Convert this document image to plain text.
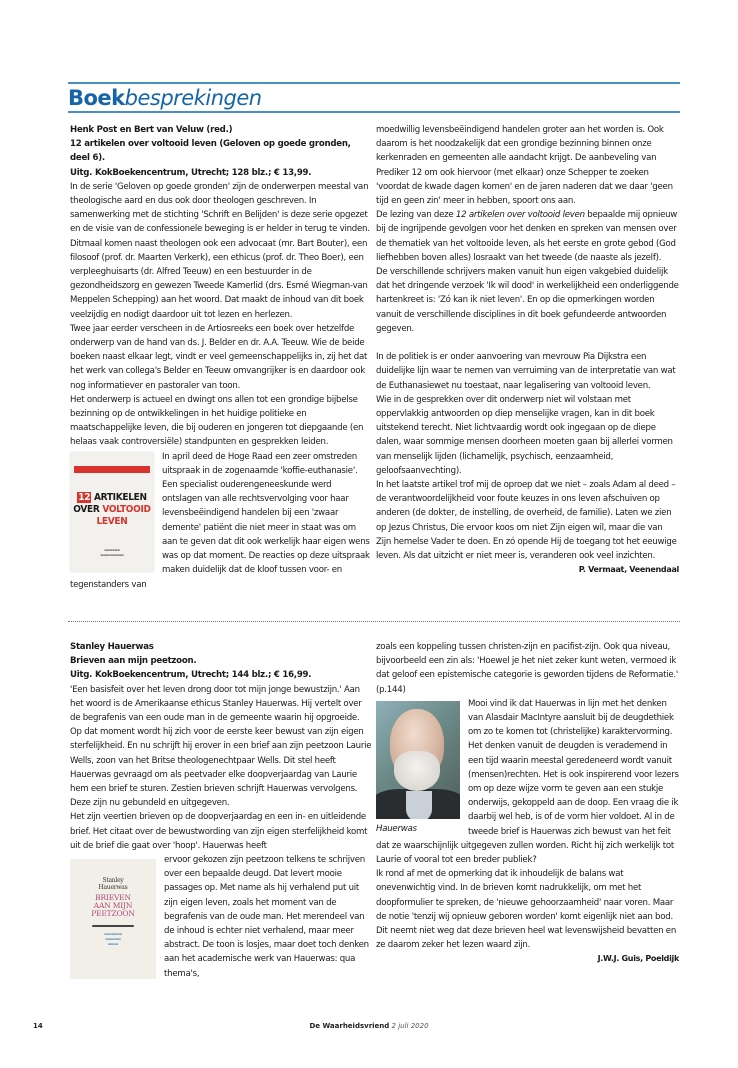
Boekbesprekingen

Henk Post en Bert van Veluw (red.)

12 artikelen over voltooid leven (Geloven op goede gronden, deel 6).

Uitg. KokBoekencentrum, Utrecht; 128 blz.; € 13,99.

In de serie 'Geloven op goede gronden' zijn de onderwerpen meestal van theologische aard en dus ook door theologen geschreven. In samenwerking met de stichting 'Schrift en Belijden' is deze serie opgezet en de visie van de confessionele beweging is er helder in terug te vinden.

Ditmaal komen naast theologen ook een advocaat (mr. Bart Bouter), een filosoof (prof. dr. Maarten Verkerk), een ethicus (prof. dr. Theo Boer), een verpleeghuisarts (dr. Alfred Teeuw) en een bestuurder in de gezondheidszorg en gewezen Tweede Kamerlid (drs. Esmé Wiegman-van Meppelen Schepping) aan het woord. Dat maakt de inhoud van dit boek veelzijdig en nodigt daardoor uit tot lezen en herlezen.

Twee jaar eerder verscheen in de Artiosreeks een boek over hetzelfde onderwerp van de hand van ds. J. Belder en dr. A.A. Teeuw. Wie de beide boeken naast elkaar legt, vindt er veel gemeenschappelijks in, zij het dat het werk van collega's Belder en Teeuw omvangrijker is en daardoor ook nog informatiever en pastoraler van toon.

Het onderwerp is actueel en dwingt ons allen tot een grondige bijbelse bezinning op de ontwikkelingen in het huidige politieke en maatschappelijke leven, die bij ouderen en jongeren tot diepgaande (en helaas vaak controversiële) standpunten en gesprekken leiden.

12 ARTIKELEN
OVER VOLTOOID
LEVEN
▬▬▬▬▬▬
▬▬▬▬▬▬▬▬▬

In april deed de Hoge Raad een zeer omstreden uitspraak in de zogenaamde 'koffie-euthanasie'. Een specialist ouderengeneeskunde werd ontslagen van alle rechtsvervolging voor haar levensbeëindigend handelen bij een 'zwaar demente' patiënt die niet meer in staat was om aan te geven dat dit ook werkelijk haar eigen wens was op dat moment. De reacties op deze uitspraak maken duidelijk dat de kloof tussen voor- en tegenstanders van

moedwillig levensbeëindigend handelen groter aan het worden is. Ook daarom is het noodzakelijk dat een grondige bezinning binnen onze kerkenraden en gemeenten alle aandacht krijgt. De aanbeveling van Prediker 12 om ook hiervoor (met elkaar) onze Schepper te zoeken 'voordat de kwade dagen komen' en de jaren naderen dat we daar 'geen tijd en geen zin' meer in hebben, spoort ons aan.

De lezing van deze 12 artikelen over voltooid leven bepaalde mij opnieuw bij de ingrijpende gevolgen voor het denken en spreken van mensen over de thematiek van het voltooide leven, als het eerste en grote gebod (God liefhebben boven alles) losraakt van het tweede (de naaste als jezelf).

De verschillende schrijvers maken vanuit hun eigen vakgebied duidelijk dat het dringende verzoek 'Ik wil dood' in werkelijkheid een onderliggende hartenkreet is: 'Zó kan ik niet leven'. En op die opmerkingen worden vanuit de verschillende disciplines in dit boek gefundeerde antwoorden gegeven.

In de politiek is er onder aanvoering van mevrouw Pia Dijkstra een duidelijke lijn waar te nemen van verruiming van de interpretatie van wat de Euthanasiewet nu toestaat, naar legalisering van voltooid leven.

Wie in de gesprekken over dit onderwerp niet wil volstaan met oppervlakkig antwoorden op diep menselijke vragen, kan in dit boek uitstekend terecht. Niet lichtvaardig wordt ook ingegaan op de diepe dalen, waar sommige mensen doorheen moeten gaan bij allerlei vormen van menselijk lijden (lichamelijk, psychisch, eenzaamheid, geloofsaanvechting).

In het laatste artikel trof mij de oproep dat we niet – zoals Adam al deed – de verantwoordelijkheid voor foute keuzes in ons leven afschuiven op anderen (de dokter, de instelling, de overheid, de familie). Laten we zien op Jezus Christus, Die ervoor koos om niet Zijn eigen wil, maar die van Zijn hemelse Vader te doen. En zó opende Hij de toegang tot het eeuwige leven. Als dat uitzicht er niet meer is, veranderen ook veel inzichten.

P. Vermaat, Veenendaal

Stanley Hauerwas

Brieven aan mijn peetzoon.

Uitg. KokBoekencentrum, Utrecht; 144 blz.; € 16,99.

'Een basisfeit over het leven drong door tot mijn jonge bewustzijn.' Aan het woord is de Amerikaanse ethicus Stanley Hauerwas. Hij vertelt over de begrafenis van een oude man in de gemeente waarin hij opgroeide. Op dat moment wordt hij zich voor de eerste keer bewust van zijn eigen sterfelijkheid. En nu schrijft hij erover in een brief aan zijn peetzoon Laurie Wells, zoon van het Britse theologenechtpaar Wells. Dit stel heeft Hauerwas gevraagd om als peetvader elke doopverjaardag van Laurie hem een brief te sturen. Zestien brieven schrijft Hauerwas vervolgens. Deze zijn nu gebundeld en uitgegeven.

Het zijn veertien brieven op de doopverjaardag en een in- en uitleidende brief. Het citaat over de bewustwording van zijn eigen sterfelijkheid komt uit de brief die gaat over 'hoop'. Hauerwas heeft

Stanley
Hauerwas
BRIEVEN
AAN MIJN
PEETZOON
▬▬▬▬▬▬▬
▬▬▬▬▬▬
▬▬▬▬

ervoor gekozen zijn peetzoon telkens te schrijven over een bepaalde deugd. Dat levert mooie passages op. Met name als hij verhalend put uit zijn eigen leven, zoals het moment van de begrafenis van de oude man. Het merendeel van de inhoud is echter niet verhalend, maar meer abstract. De toon is losjes, maar doet toch denken aan het academische werk van Hauerwas: qua thema's,

zoals een koppeling tussen christen-zijn en pacifist-zijn. Ook qua niveau, bijvoorbeeld een zin als: 'Hoewel je het niet zeker kunt weten, vermoed ik dat geloof een epistemische categorie is geworden tijdens de Reformatie.' (p.144)

Hauerwas

Mooi vind ik dat Hauerwas in lijn met het denken van Alasdair MacIntyre aansluit bij de deugdethiek om zo te komen tot (christelijke) karaktervorming. Het denken vanuit de deugden is verademend in een tijd waarin meestal geredeneerd wordt vanuit (mensen)rechten. Het is ook inspirerend voor lezers om op deze wijze vorm te geven aan een stukje onderwijs, gekoppeld aan de doop. Een vraag die ik daarbij wel heb, is of de vorm hier voldoet. Al in de tweede brief is Hauerwas zich bewust van het feit dat ze waarschijnlijk uitgegeven zullen worden. Richt hij zich werkelijk tot Laurie of vooral tot een breder publiek?

Ik rond af met de opmerking dat ik inhoudelijk de balans wat onevenwichtig vind. In de brieven komt nadrukkelijk, om met het doopformulier te spreken, de 'nieuwe gehoorzaamheid' naar voren. Maar de notie 'tenzij wij opnieuw geboren worden' komt eigenlijk niet aan bod. Dit neemt niet weg dat deze brieven heel wat levenswijsheid bevatten en ze daarom zeker het lezen waard zijn.

J.W.J. Guis, Poeldijk

14	De Waarheidsvriend 2 juli 2020
